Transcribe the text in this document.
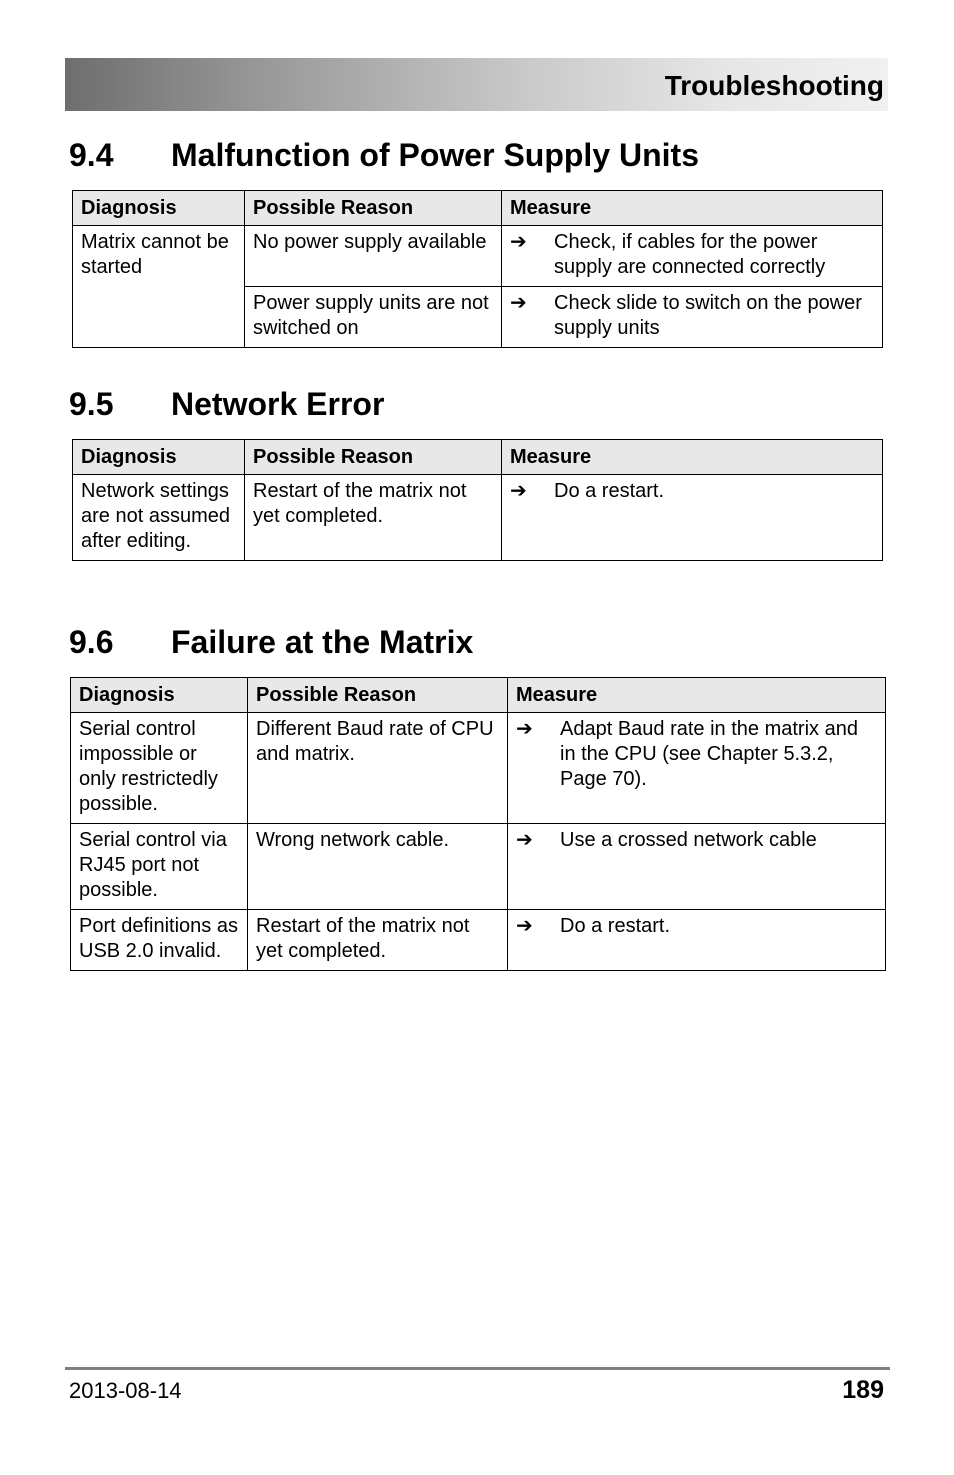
Troubleshooting
9.4 Malfunction of Power Supply Units
Diagnosis	Possible Reason	Measure
Matrix cannot be started	No power supply available	➔ Check, if cables for the power supply are connected correctly
	Power supply units are not switched on	➔ Check slide to switch on the power supply units
9.5 Network Error
Diagnosis	Possible Reason	Measure
Network settings are not assumed after editing.	Restart of the matrix not yet completed.	➔ Do a restart.
9.6 Failure at the Matrix
Diagnosis	Possible Reason	Measure
Serial control impossible or only restrictedly possible.	Different Baud rate of CPU and matrix.	➔ Adapt Baud rate in the matrix and in the CPU (see Chapter 5.3.2, Page 70).
Serial control via RJ45 port not possible.	Wrong network cable.	➔ Use a crossed network cable
Port definitions as USB 2.0 invalid.	Restart of the matrix not yet completed.	➔ Do a restart.
2013-08-14	189
